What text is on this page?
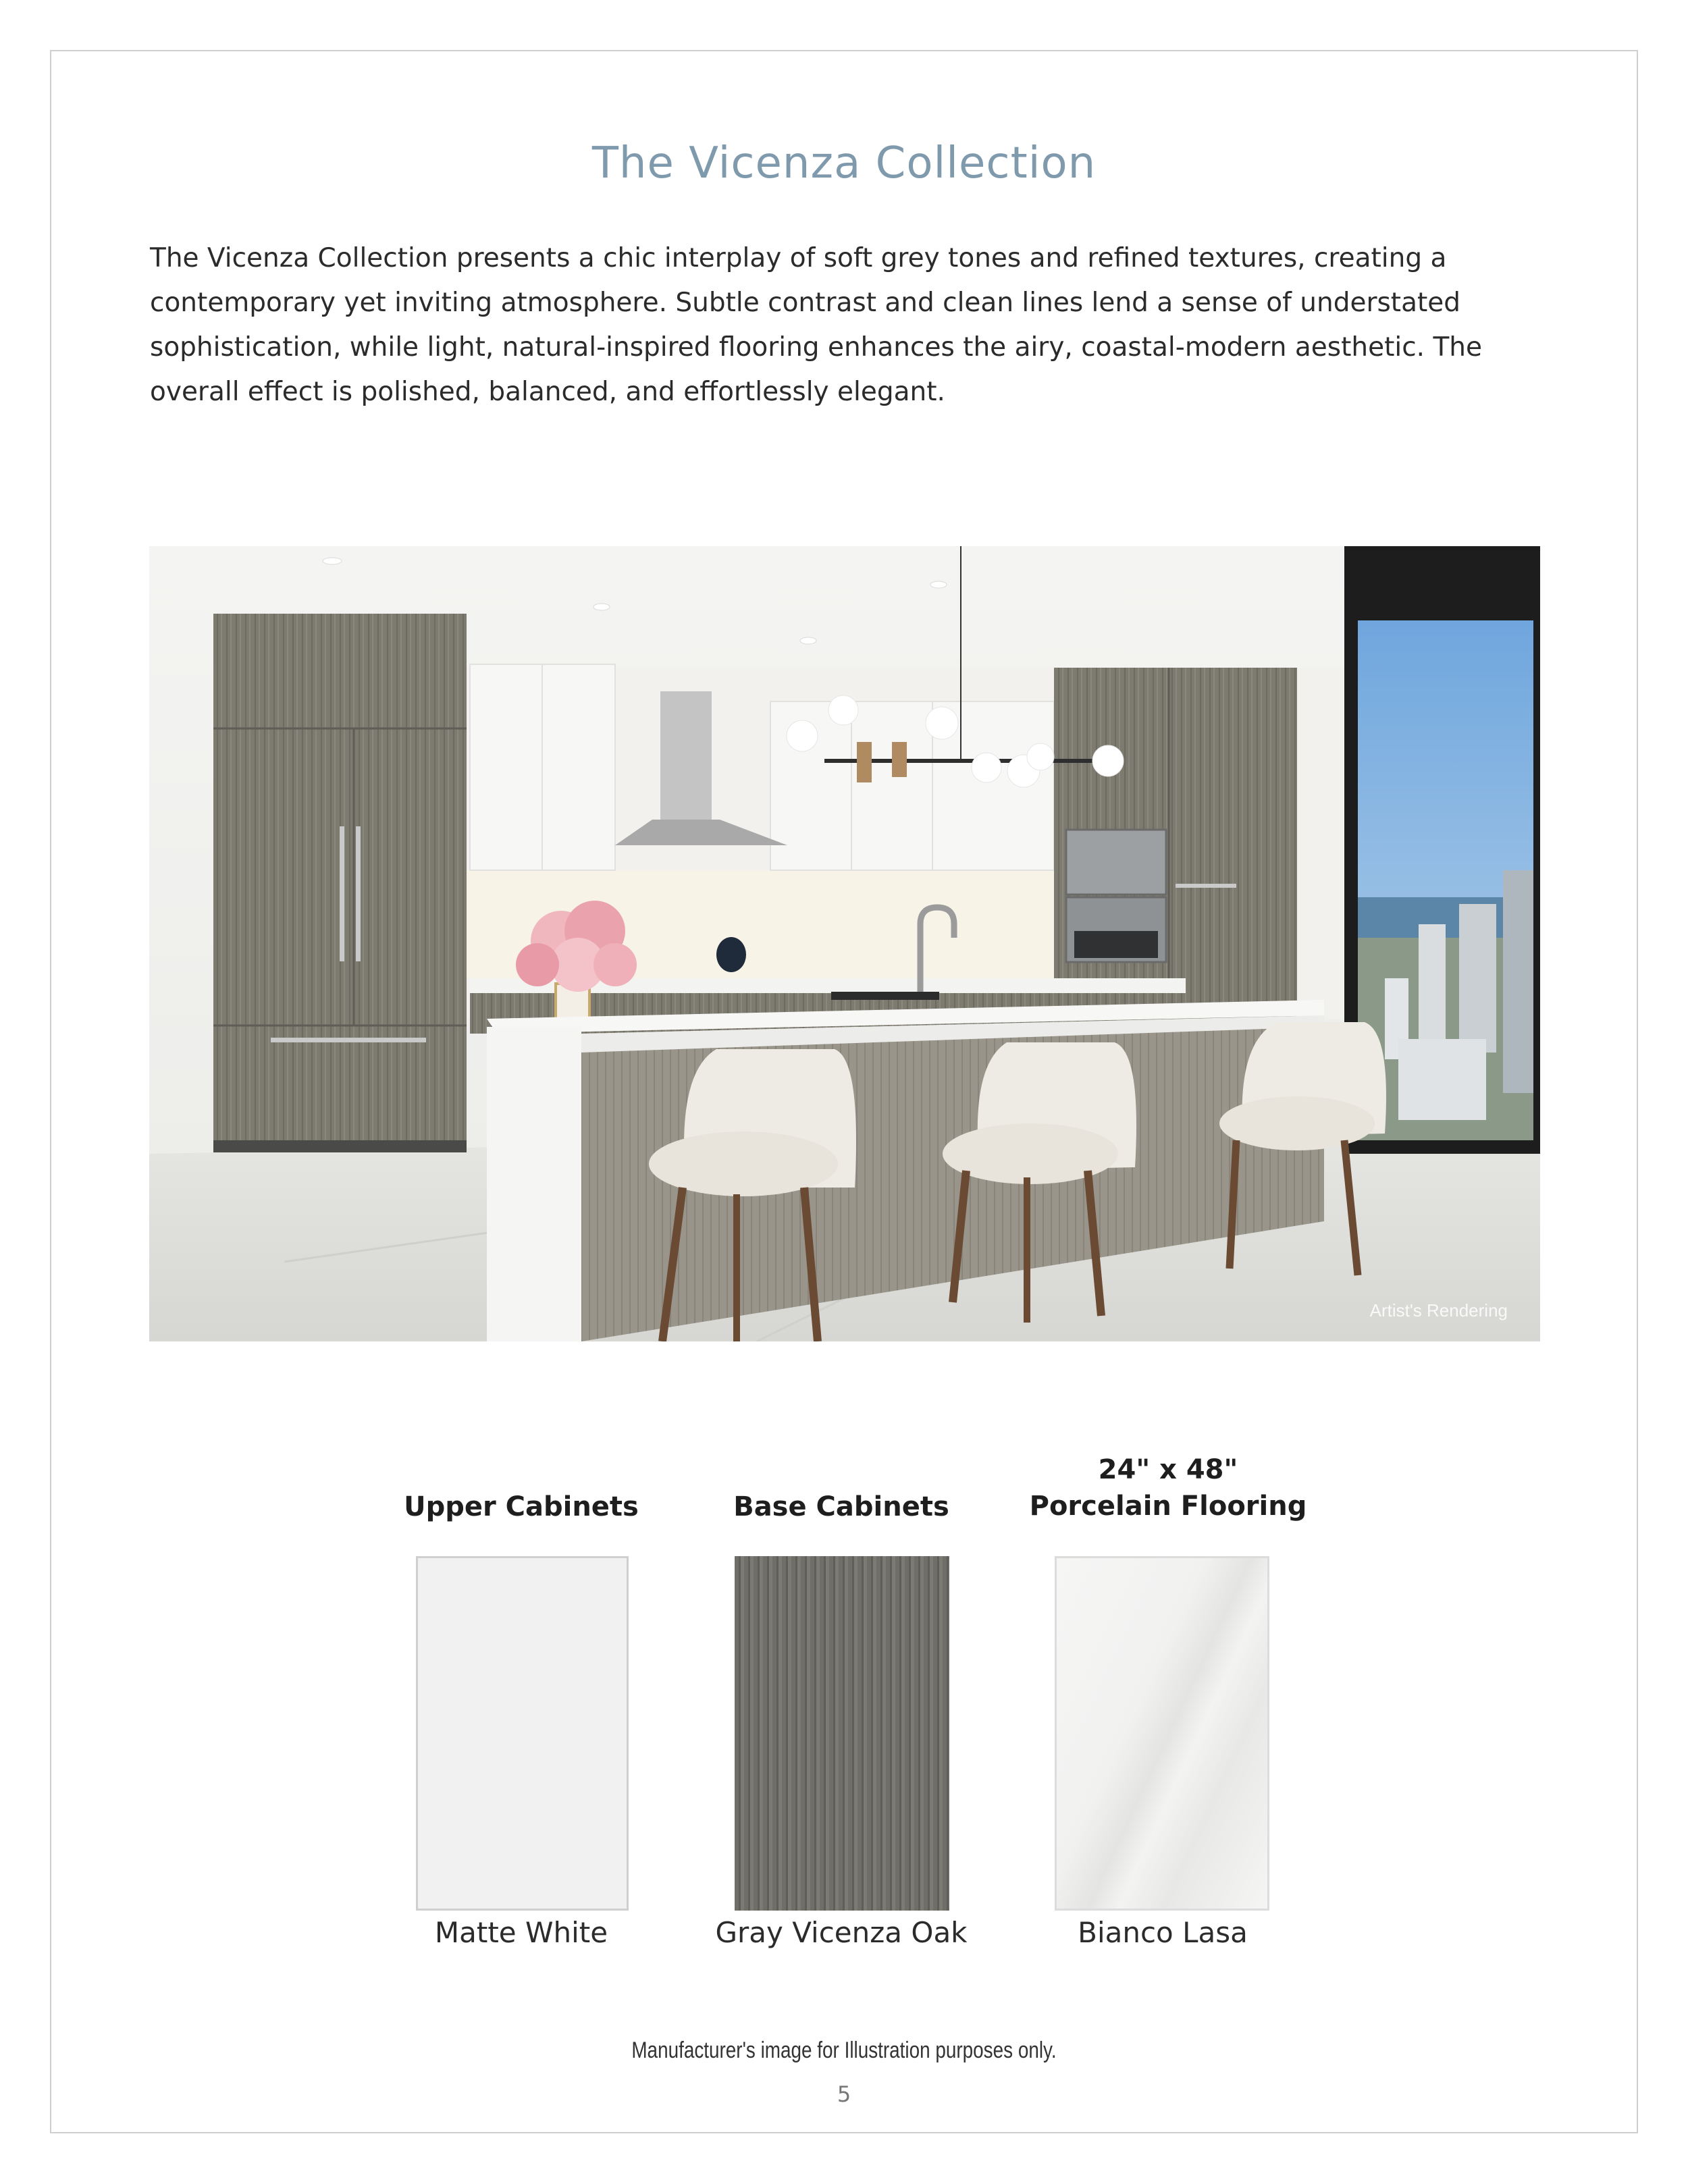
The Vicenza Collection
The Vicenza Collection presents a chic interplay of soft grey tones and refined textures, creating a contemporary yet inviting atmosphere. Subtle contrast and clean lines lend a sense of understated sophistication, while light, natural-inspired flooring enhances the airy, coastal-modern aesthetic. The overall effect is polished, balanced, and effortlessly elegant.
Artist's Rendering
Upper Cabinets
Matte White
Base Cabinets
Gray Vicenza Oak
24" x 48"
Porcelain Flooring
Bianco Lasa
Manufacturer's image for Illustration purposes only.
5
